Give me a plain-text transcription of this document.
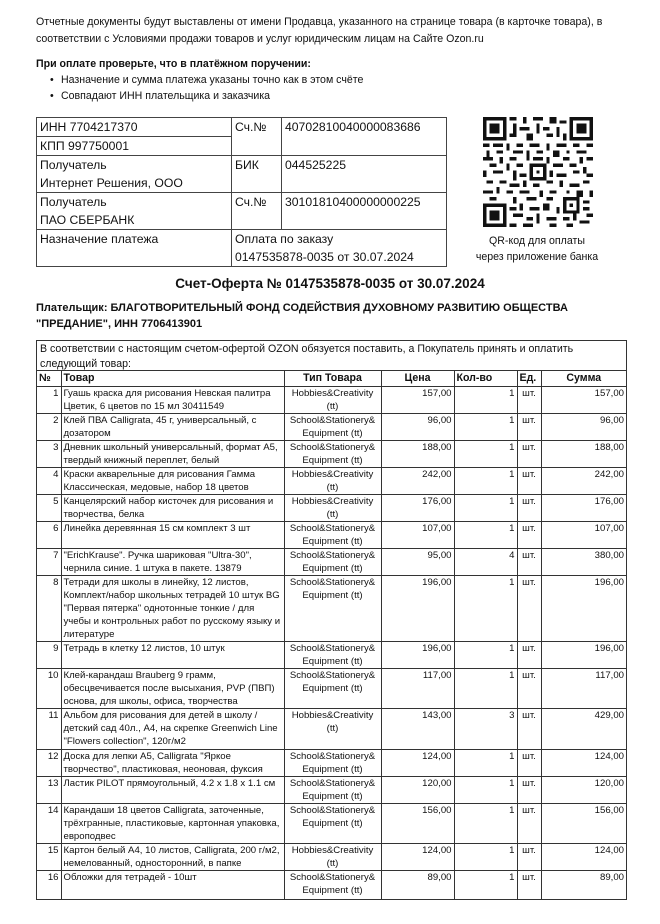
Отчетные документы будут выставлены от имени Продавца, указанного на странице товара (в карточке товара), в соответствии с Условиями продажи товаров и услуг юридическим лицам на Сайте Ozon.ru
При оплате проверьте, что в платёжном поручении:
• Назначение и сумма платежа указаны точно как в этом счёте
• Совпадают ИНН плательщика и заказчика
ИНН 7704217370	Сч.№	40702810040000083686
КПП 997750001		

Получатель
Интернет Решения, ООО	БИК	044525225

Получатель
ПАО СБЕРБАНК	Сч.№	30101810400000000225
Назначение платежа	Оплата по заказу
0147535878-0035 от 30.07.2024	
QR-код для оплаты
через приложение банка
Счет-Оферта № 0147535878-0035 от 30.07.2024
Плательщик: БЛАГОТВОРИТЕЛЬНЫЙ ФОНД СОДЕЙСТВИЯ ДУХОВНОМУ РАЗВИТИЮ ОБЩЕСТВА "ПРЕДАНИЕ", ИНН 7706413901
В соответствии с настоящим счетом-офертой OZON обязуется поставить, а Покупатель принять и оплатить следующий товар:
№	Товар	Тип Товара	Цена	Кол-во	Ед.	Сумма
1	Гуашь краска для рисования Невская палитра Цветик, 6 цветов по 15 мл 30411549	Hobbies&Creativity (tt)	157,00	1	шт.	157,00
2	Клей ПВА Calligrata, 45 г, универсальный, с дозатором	School&Stationery& Equipment (tt)	96,00	1	шт.	96,00
3	Дневник школьный универсальный, формат А5, твердый книжный переплет, белый	School&Stationery& Equipment (tt)	188,00	1	шт.	188,00
4	Краски акварельные для рисования Гамма Классическая, медовые, набор 18 цветов	Hobbies&Creativity (tt)	242,00	1	шт.	242,00
5	Канцелярский набор кисточек для рисования и творчества, белка	Hobbies&Creativity (tt)	176,00	1	шт.	176,00
6	Линейка деревянная 15 см комплект 3 шт	School&Stationery& Equipment (tt)	107,00	1	шт.	107,00
7	"ErichKrause". Ручка шариковая "Ultra-30", чернила синие. 1 штука в пакете. 13879	School&Stationery& Equipment (tt)	95,00	4	шт.	380,00
8	Тетради для школы в линейку, 12 листов, Комплект/набор школьных тетрадей 10 штук BG "Первая пятерка" однотонные тонкие / для учебы и контрольных работ по русскому языку и литературе	School&Stationery& Equipment (tt)	196,00	1	шт.	196,00
9	Тетрадь в клетку 12 листов, 10 штук	School&Stationery& Equipment (tt)	196,00	1	шт.	196,00
10	Клей-карандаш Brauberg 9 грамм, обесцвечивается после высыхания, PVP (ПВП) основа, для школы, офиса, творчества	School&Stationery& Equipment (tt)	117,00	1	шт.	117,00
11	Альбом для рисования для детей в школу / детский сад 40л., А4, на скрепке Greenwich Line "Flowers collection", 120г/м2	Hobbies&Creativity (tt)	143,00	3	шт.	429,00
12	Доска для лепки А5, Calligrata "Яркое творчество", пластиковая, неоновая, фуксия	School&Stationery& Equipment (tt)	124,00	1	шт.	124,00
13	Ластик PILOT прямоугольный, 4.2 x 1.8 x 1.1 см	School&Stationery& Equipment (tt)	120,00	1	шт.	120,00
14	Карандаши 18 цветов Calligrata, заточенные, трёхгранные, пластиковые, картонная упаковка, европодвес	School&Stationery& Equipment (tt)	156,00	1	шт.	156,00
15	Картон белый А4, 10 листов, Calligrata, 200 г/м2, немелованный, односторонний, в папке	Hobbies&Creativity (tt)	124,00	1	шт.	124,00
16	Обложки для тетрадей - 10шт	School&Stationery& Equipment (tt)	89,00	1	шт.	89,00
